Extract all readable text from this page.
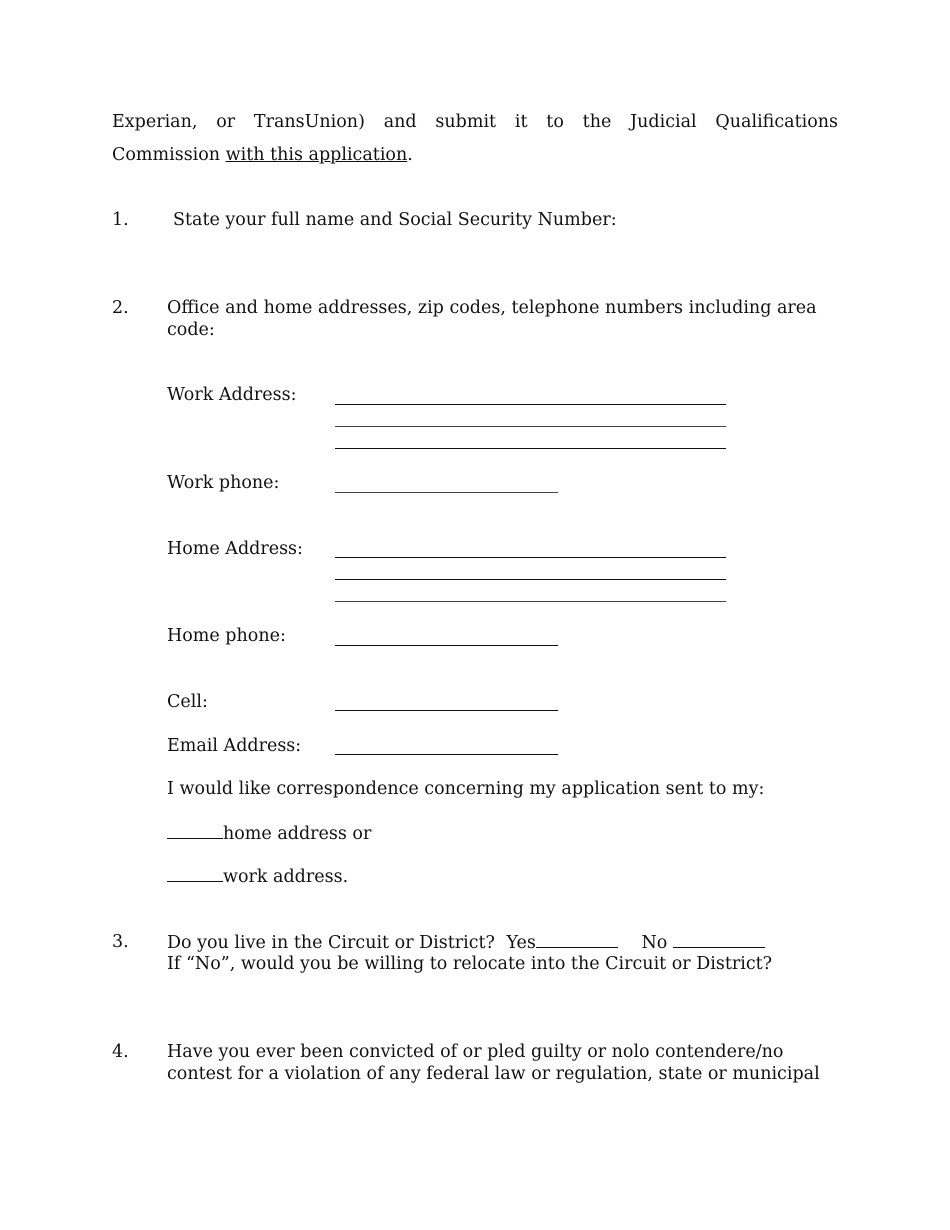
Experian, or TransUnion) and submit it to the Judicial Qualifications
Commission with this application.
1.	State your full name and Social Security Number:
2. Office and home addresses, zip codes, telephone numbers including area
code:
Work Address:
Work phone:
Home Address:
Home phone:
Cell:
Email Address:
I would like correspondence concerning my application sent to my:
home address or
work address.
3. Do you live in the Circuit or District? Yes	No
If “No”, would you be willing to relocate into the Circuit or District?
4. Have you ever been convicted of or pled guilty or nolo contendere/no
contest for a violation of any federal law or regulation, state or municipal
